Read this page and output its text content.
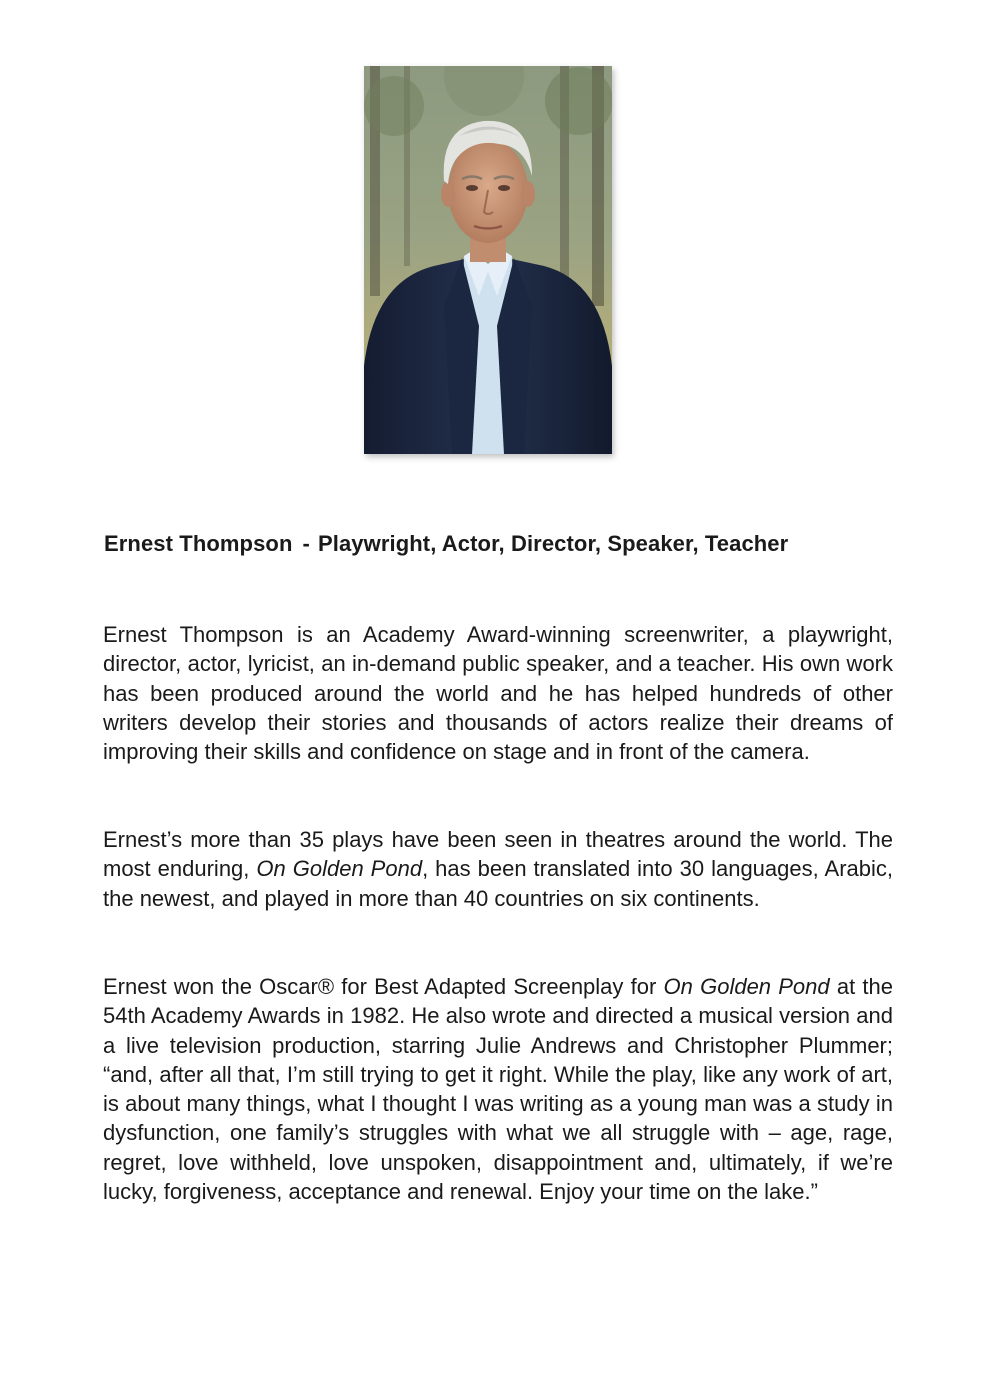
Ernest Thompson - Playwright, Actor, Director, Speaker, Teacher

Ernest Thompson is an Academy Award-winning screenwriter, a playwright, director, actor, lyricist, an in-demand public speaker, and a teacher. His own work has been produced around the world and he has helped hundreds of other writers develop their stories and thousands of actors realize their dreams of improving their skills and confidence on stage and in front of the camera.

Ernest’s more than 35 plays have been seen in theatres around the world. The most enduring, On Golden Pond, has been translated into 30 languages, Arabic, the newest, and played in more than 40 countries on six continents.

Ernest won the Oscar® for Best Adapted Screenplay for On Golden Pond at the 54th Academy Awards in 1982. He also wrote and directed a musical version and a live television production, starring Julie Andrews and Christopher Plummer; “and, after all that, I’m still trying to get it right. While the play, like any work of art, is about many things, what I thought I was writing as a young man was a study in dysfunction, one family’s struggles with what we all struggle with – age, rage, regret, love withheld, love unspoken, disappointment and, ultimately, if we’re lucky, forgiveness, acceptance and renewal. Enjoy your time on the lake.”
